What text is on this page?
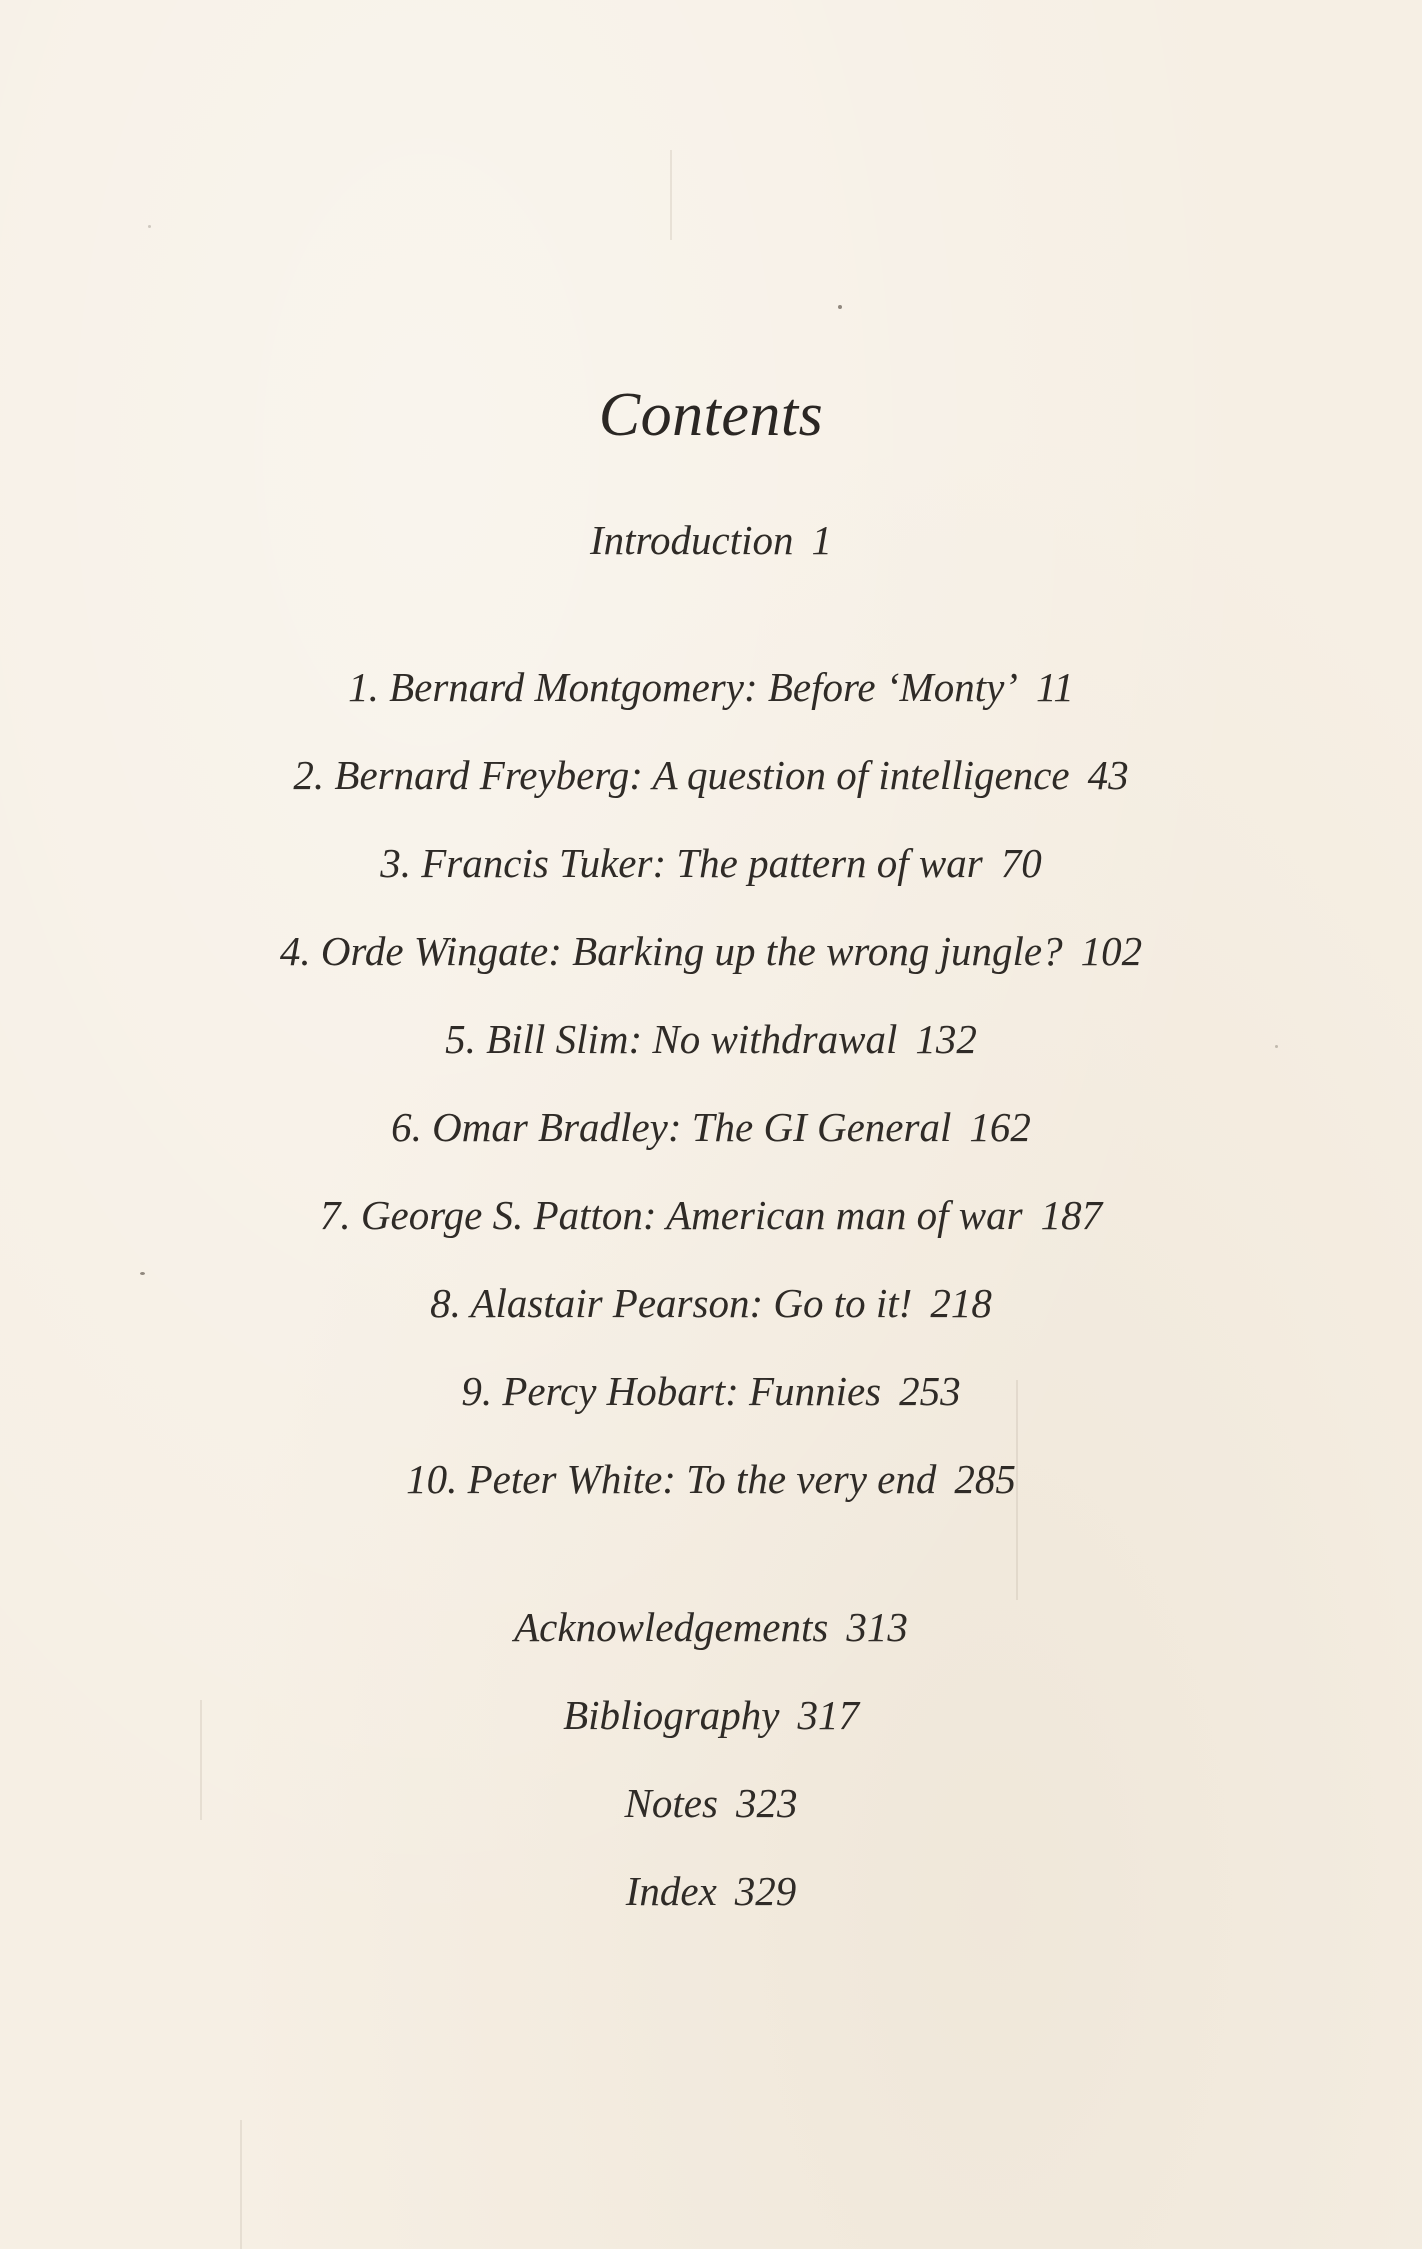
Contents
Introduction 1
1. Bernard Montgomery: Before ‘Monty’ 11
2. Bernard Freyberg: A question of intelligence 43
3. Francis Tuker: The pattern of war 70
4. Orde Wingate: Barking up the wrong jungle? 102
5. Bill Slim: No withdrawal 132
6. Omar Bradley: The GI General 162
7. George S. Patton: American man of war 187
8. Alastair Pearson: Go to it! 218
9. Percy Hobart: Funnies 253
10. Peter White: To the very end 285
Acknowledgements 313
Bibliography 317
Notes 323
Index 329
